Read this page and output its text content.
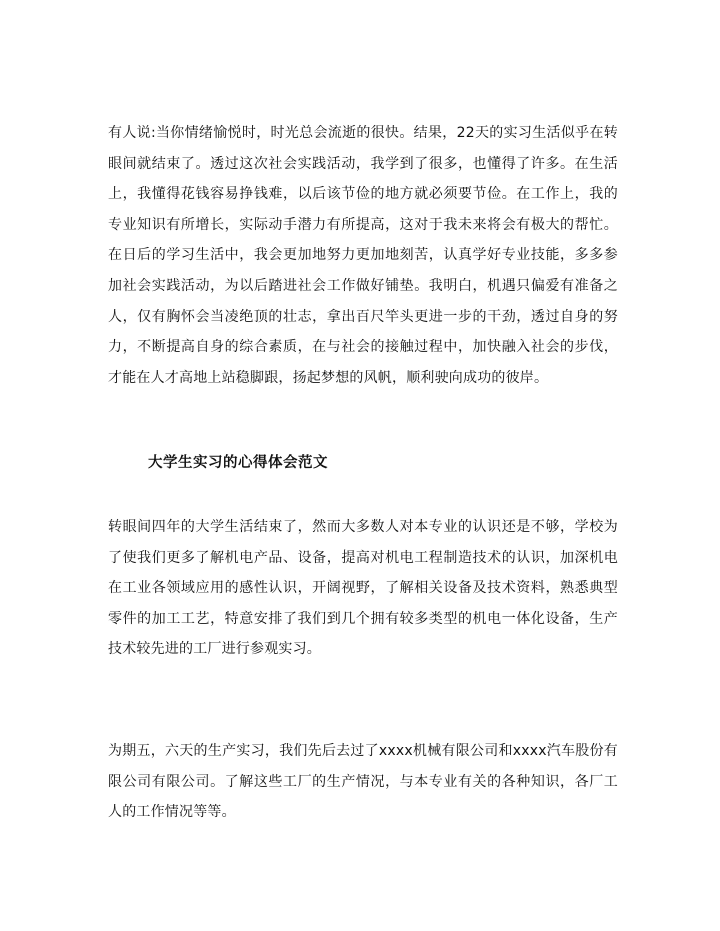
有人说:当你情绪愉悦时，时光总会流逝的很快。结果，22天的实习生活似乎在转眼间就结束了。透过这次社会实践活动，我学到了很多，也懂得了许多。在生活上，我懂得花钱容易挣钱难，以后该节俭的地方就必须要节俭。在工作上，我的专业知识有所增长，实际动手潜力有所提高，这对于我未来将会有极大的帮忙。在日后的学习生活中，我会更加地努力更加地刻苦，认真学好专业技能，多多参加社会实践活动，为以后踏进社会工作做好铺垫。我明白，机遇只偏爱有准备之人，仅有胸怀会当凌绝顶的壮志，拿出百尺竿头更进一步的干劲，透过自身的努力，不断提高自身的综合素质，在与社会的接触过程中，加快融入社会的步伐，才能在人才高地上站稳脚跟，扬起梦想的风帆，顺利驶向成功的彼岸。

大学生实习的心得体会范文

转眼间四年的大学生活结束了，然而大多数人对本专业的认识还是不够，学校为了使我们更多了解机电产品、设备，提高对机电工程制造技术的认识，加深机电在工业各领域应用的感性认识，开阔视野，了解相关设备及技术资料，熟悉典型零件的加工工艺，特意安排了我们到几个拥有较多类型的机电一体化设备，生产技术较先进的工厂进行参观实习。

为期五，六天的生产实习，我们先后去过了xxxx机械有限公司和xxxx汽车股份有限公司有限公司。了解这些工厂的生产情况，与本专业有关的各种知识，各厂工人的工作情况等等。
